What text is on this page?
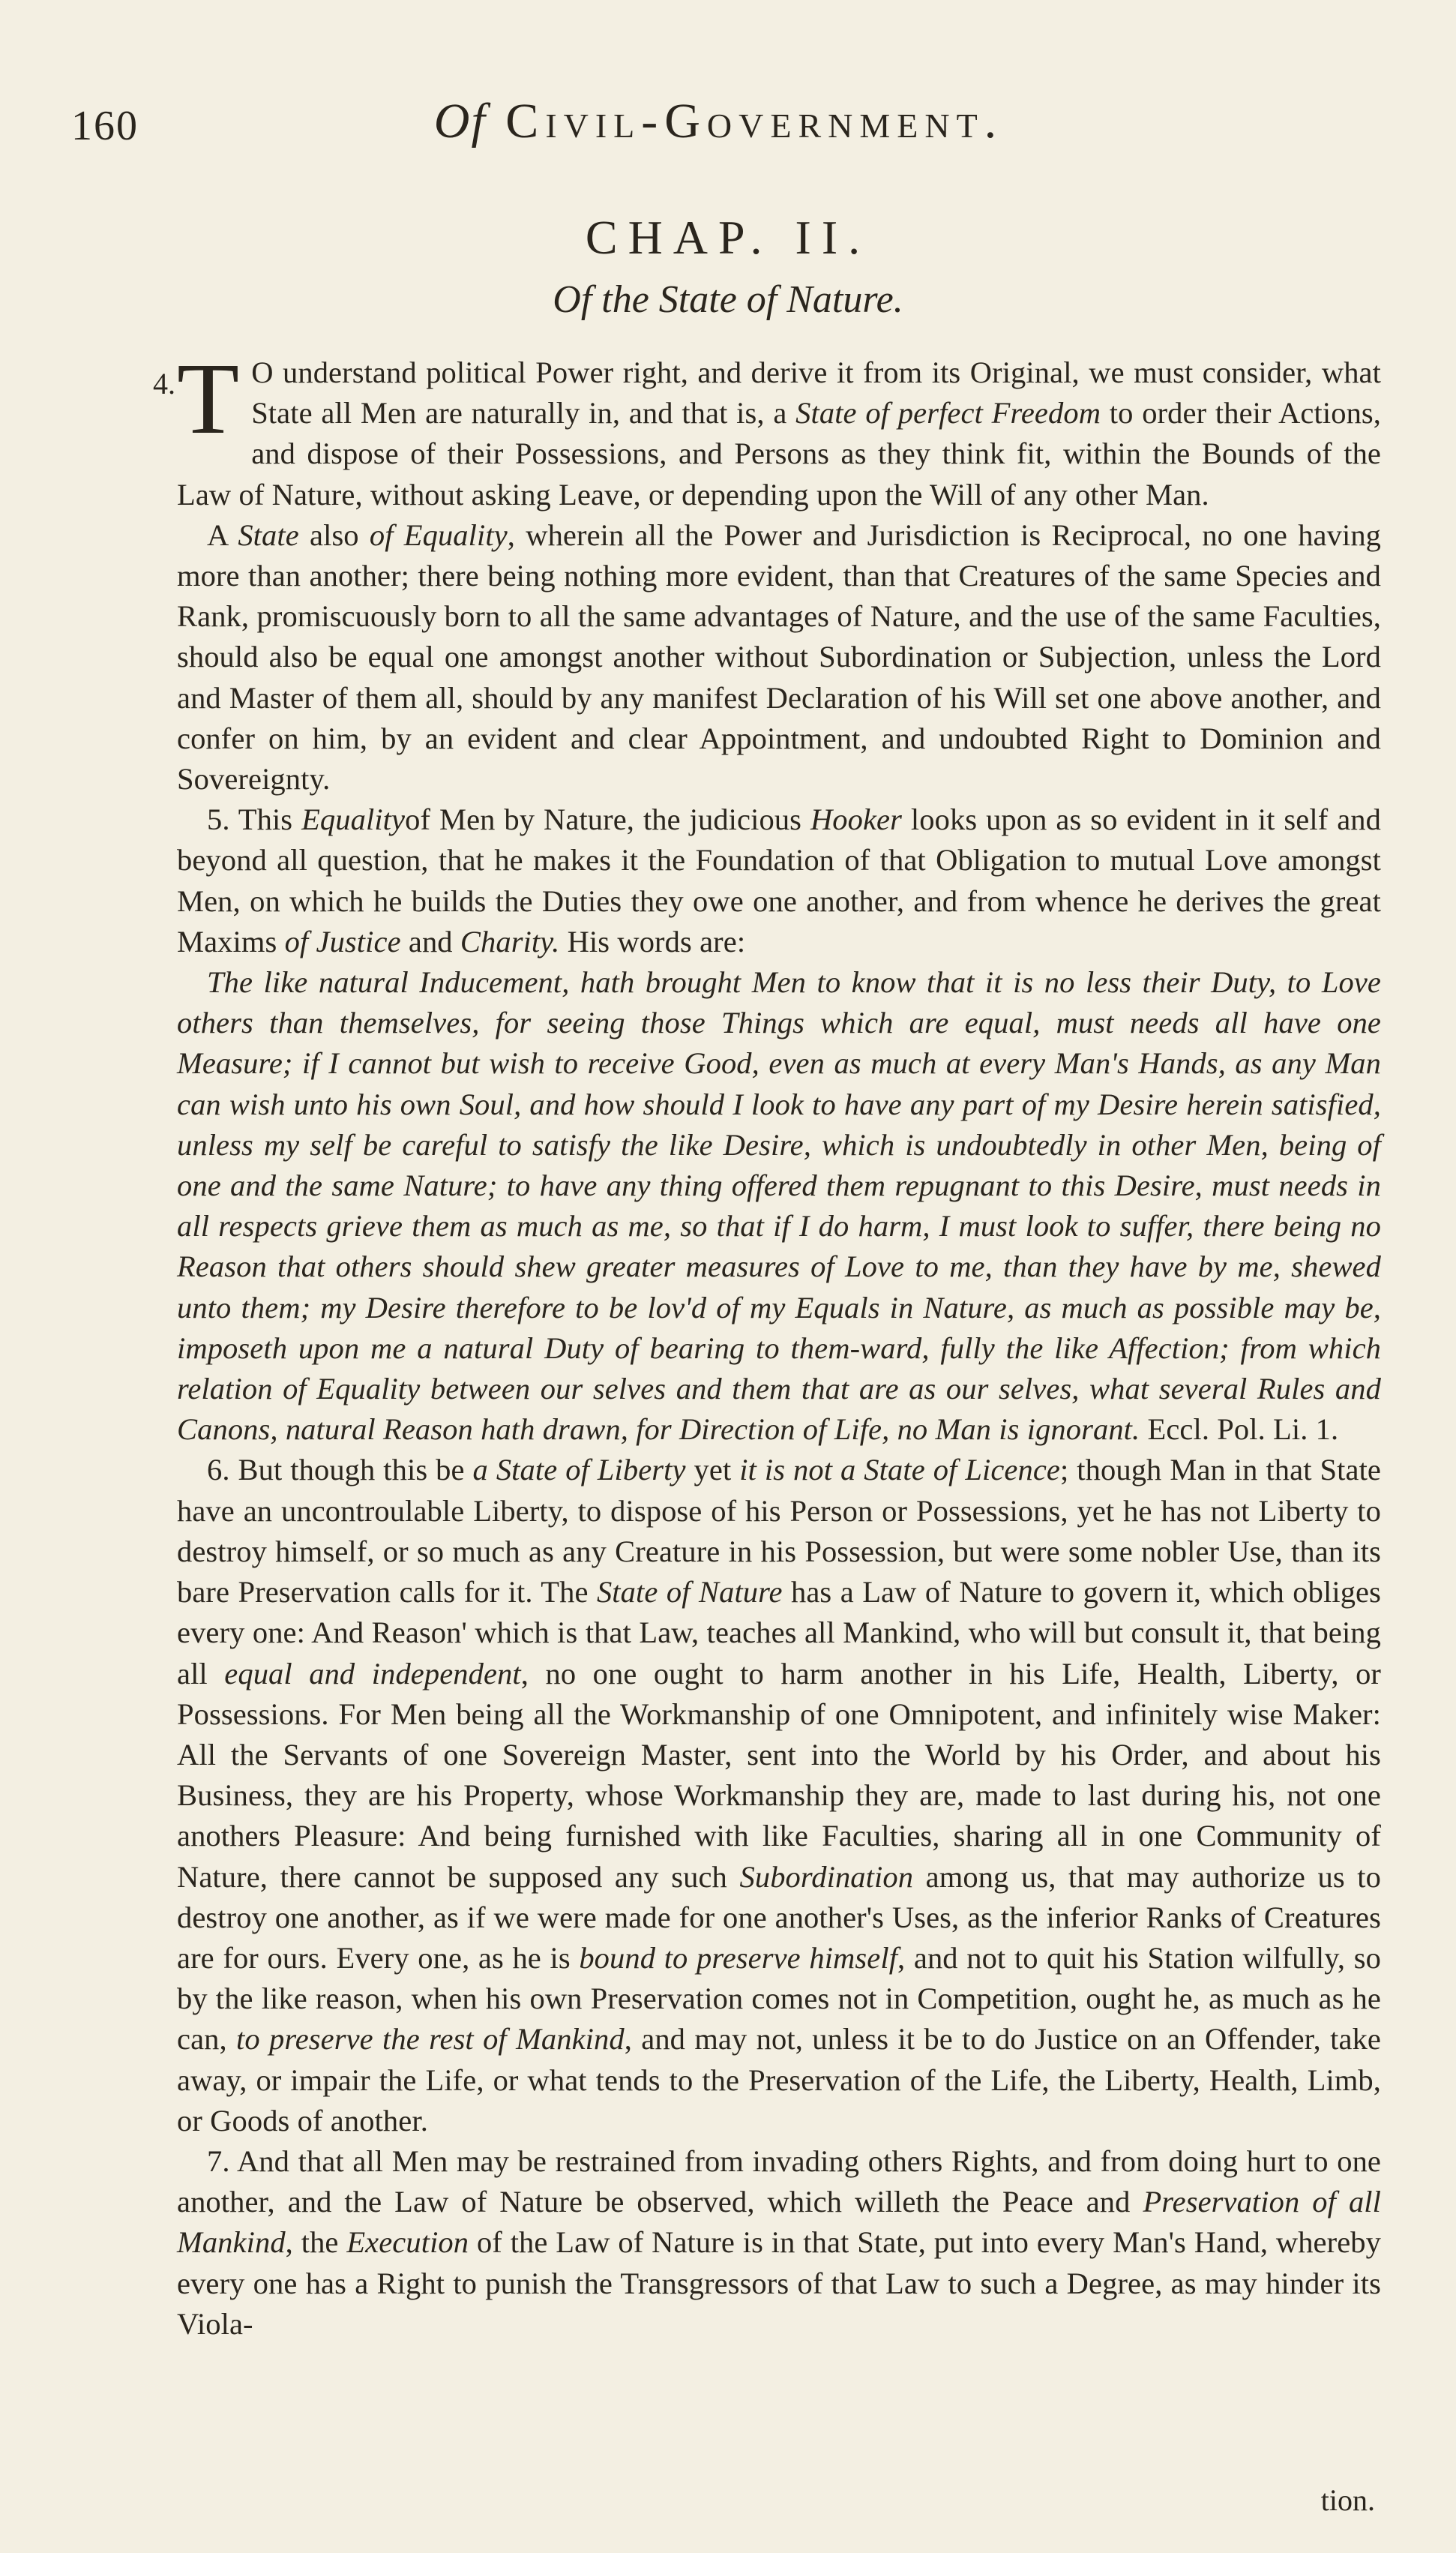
160	Of Civil-Government.
CHAP. II.
Of the State of Nature.
4. T O understand political Power right, and derive it from its Original, we must consider, what State all Men are naturally in, and that is, a State of perfect Freedom to order their Actions, and dispose of their Possessions, and Persons as they think fit, within the Bounds of the Law of Nature, without asking Leave, or depending upon the Will of any other Man.

A State also of Equality, wherein all the Power and Jurisdiction is Reciprocal, no one having more than another; there being nothing more evident, than that Creatures of the same Species and Rank, promiscuously born to all the same advantages of Nature, and the use of the same Faculties, should also be equal one amongst another without Subordination or Subjection, unless the Lord and Master of them all, should by any manifest Declaration of his Will set one above another, and confer on him, by an evident and clear Appointment, and undoubted Right to Dominion and Sovereignty.

5. This Equalityof Men by Nature, the judicious Hooker looks upon as so evident in it self and beyond all question, that he makes it the Foundation of that Obligation to mutual Love amongst Men, on which he builds the Duties they owe one another, and from whence he derives the great Maxims of Justice and Charity. His words are:

The like natural Inducement, hath brought Men to know that it is no less their Duty, to Love others than themselves, for seeing those Things which are equal, must needs all have one Measure; if I cannot but wish to receive Good, even as much at every Man's Hands, as any Man can wish unto his own Soul, and how should I look to have any part of my Desire herein satisfied, unless my self be careful to satisfy the like Desire, which is undoubtedly in other Men, being of one and the same Nature; to have any thing offered them repugnant to this Desire, must needs in all respects grieve them as much as me, so that if I do harm, I must look to suffer, there being no Reason that others should shew greater measures of Love to me, than they have by me, shewed unto them; my Desire therefore to be lov'd of my Equals in Nature, as much as possible may be, imposeth upon me a natural Duty of bearing to them-ward, fully the like Affection; from which relation of Equality between our selves and them that are as our selves, what several Rules and Canons, natural Reason hath drawn, for Direction of Life, no Man is ignorant. Eccl. Pol. Li. 1.

6. But though this be a State of Liberty yet it is not a State of Licence; though Man in that State have an uncontroulable Liberty, to dispose of his Person or Possessions, yet he has not Liberty to destroy himself, or so much as any Creature in his Possession, but were some nobler Use, than its bare Preservation calls for it. The State of Nature has a Law of Nature to govern it, which obliges every one: And Reason' which is that Law, teaches all Mankind, who will but consult it, that being all equal and independent, no one ought to harm another in his Life, Health, Liberty, or Possessions. For Men being all the Workmanship of one Omnipotent, and infinitely wise Maker: All the Servants of one Sovereign Master, sent into the World by his Order, and about his Business, they are his Property, whose Workmanship they are, made to last during his, not one anothers Pleasure: And being furnished with like Faculties, sharing all in one Community of Nature, there cannot be supposed any such Subordination among us, that may authorize us to destroy one another, as if we were made for one another's Uses, as the inferior Ranks of Creatures are for ours. Every one, as he is bound to preserve himself, and not to quit his Station wilfully, so by the like reason, when his own Preservation comes not in Competition, ought he, as much as he can, to preserve the rest of Mankind, and may not, unless it be to do Justice on an Offender, take away, or impair the Life, or what tends to the Preservation of the Life, the Liberty, Health, Limb, or Goods of another.

7. And that all Men may be restrained from invading others Rights, and from doing hurt to one another, and the Law of Nature be observed, which willeth the Peace and Preservation of all Mankind, the Execution of the Law of Nature is in that State, put into every Man's Hand, whereby every one has a Right to punish the Transgressors of that Law to such a Degree, as may hinder its Viola-

tion.
